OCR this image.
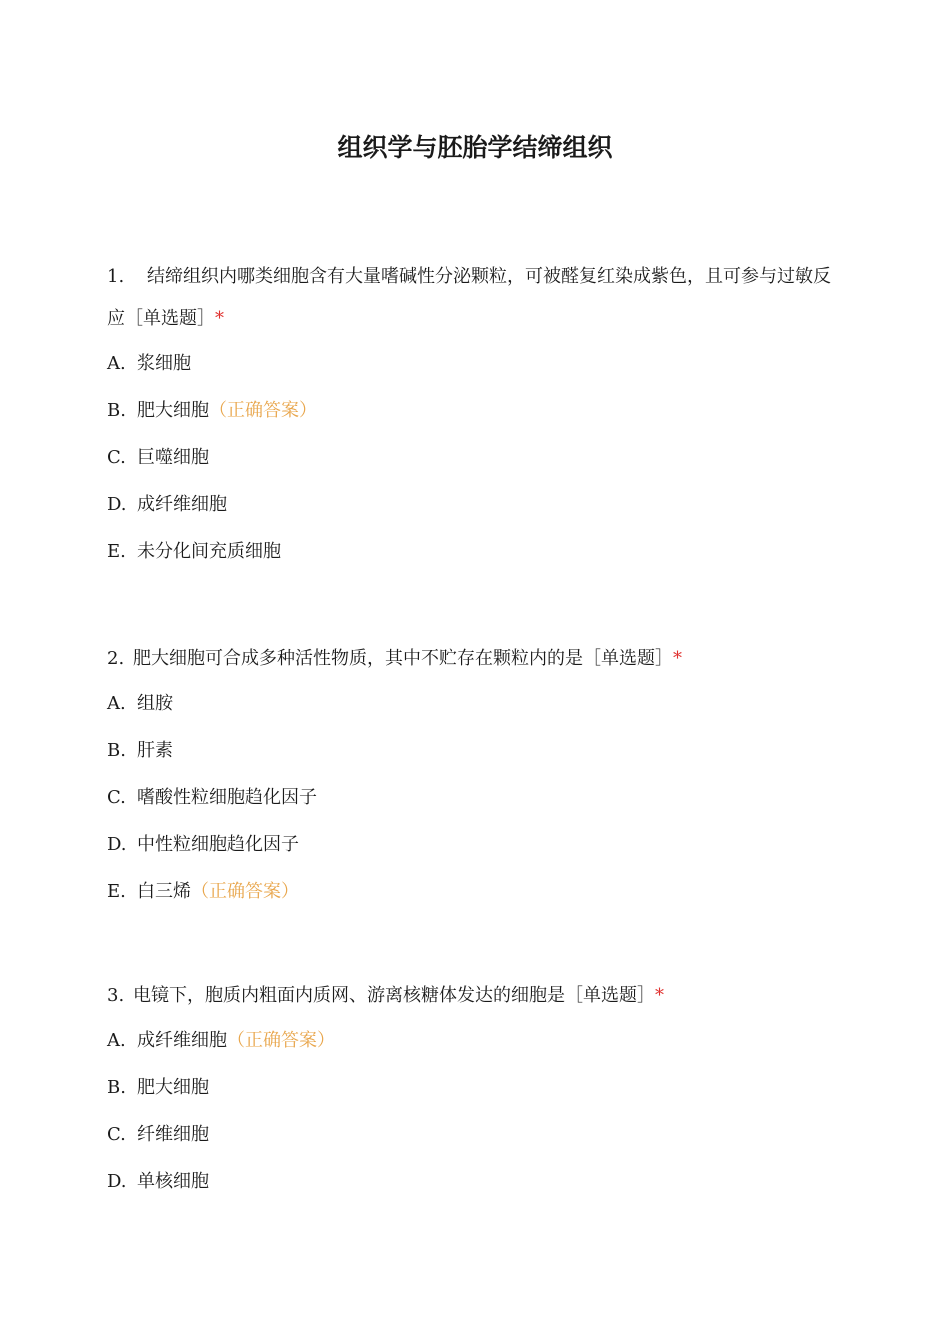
组织学与胚胎学结缔组织

1. 结缔组织内哪类细胞含有大量嗜碱性分泌颗粒，可被醛复红染成紫色，且可参与过敏反应［单选题］*

A. 浆细胞
B. 肥大细胞（正确答案）
C. 巨噬细胞
D. 成纤维细胞
E. 未分化间充质细胞

2. 肥大细胞可合成多种活性物质，其中不贮存在颗粒内的是［单选题］*

A. 组胺
B. 肝素
C. 嗜酸性粒细胞趋化因子
D. 中性粒细胞趋化因子
E. 白三烯（正确答案）

3. 电镜下，胞质内粗面内质网、游离核糖体发达的细胞是［单选题］*

A. 成纤维细胞（正确答案）
B. 肥大细胞
C. 纤维细胞
D. 单核细胞
